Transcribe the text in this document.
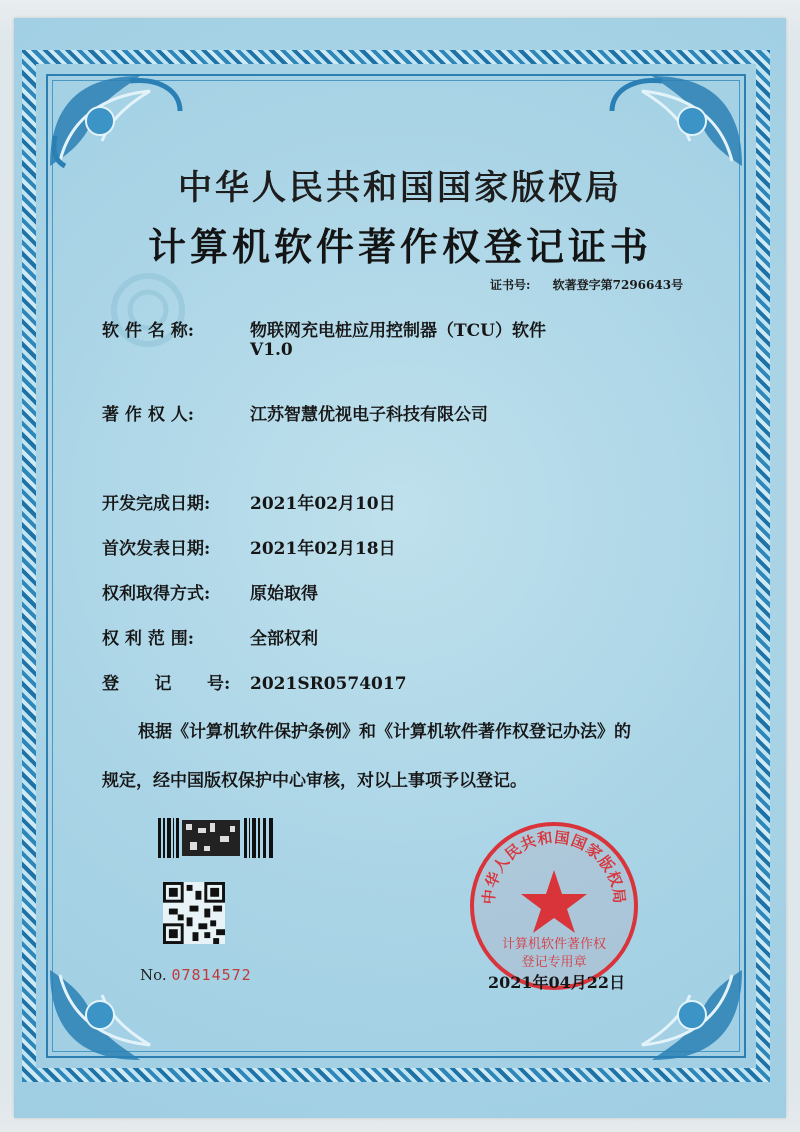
中华人民共和国国家版权局
计算机软件著作权登记证书
证书号: 软著登字第7296643号
软 件 名 称:	物联网充电桩应用控制器（TCU）软件
V1.0
著 作 权 人:	江苏智慧优视电子科技有限公司
开发完成日期: 2021年02月10日
首次发表日期: 2021年02月18日
权利取得方式: 原始取得
权 利 范 围:	全部权利
登      记      号: 2021SR0574017
根据《计算机软件保护条例》和《计算机软件著作权登记办法》的
规定，经中国版权保护中心审核，对以上事项予以登记。
No. 07814572
中华人民共和国国家版权局
计算机软件著作权
登记专用章
2021年04月22日
